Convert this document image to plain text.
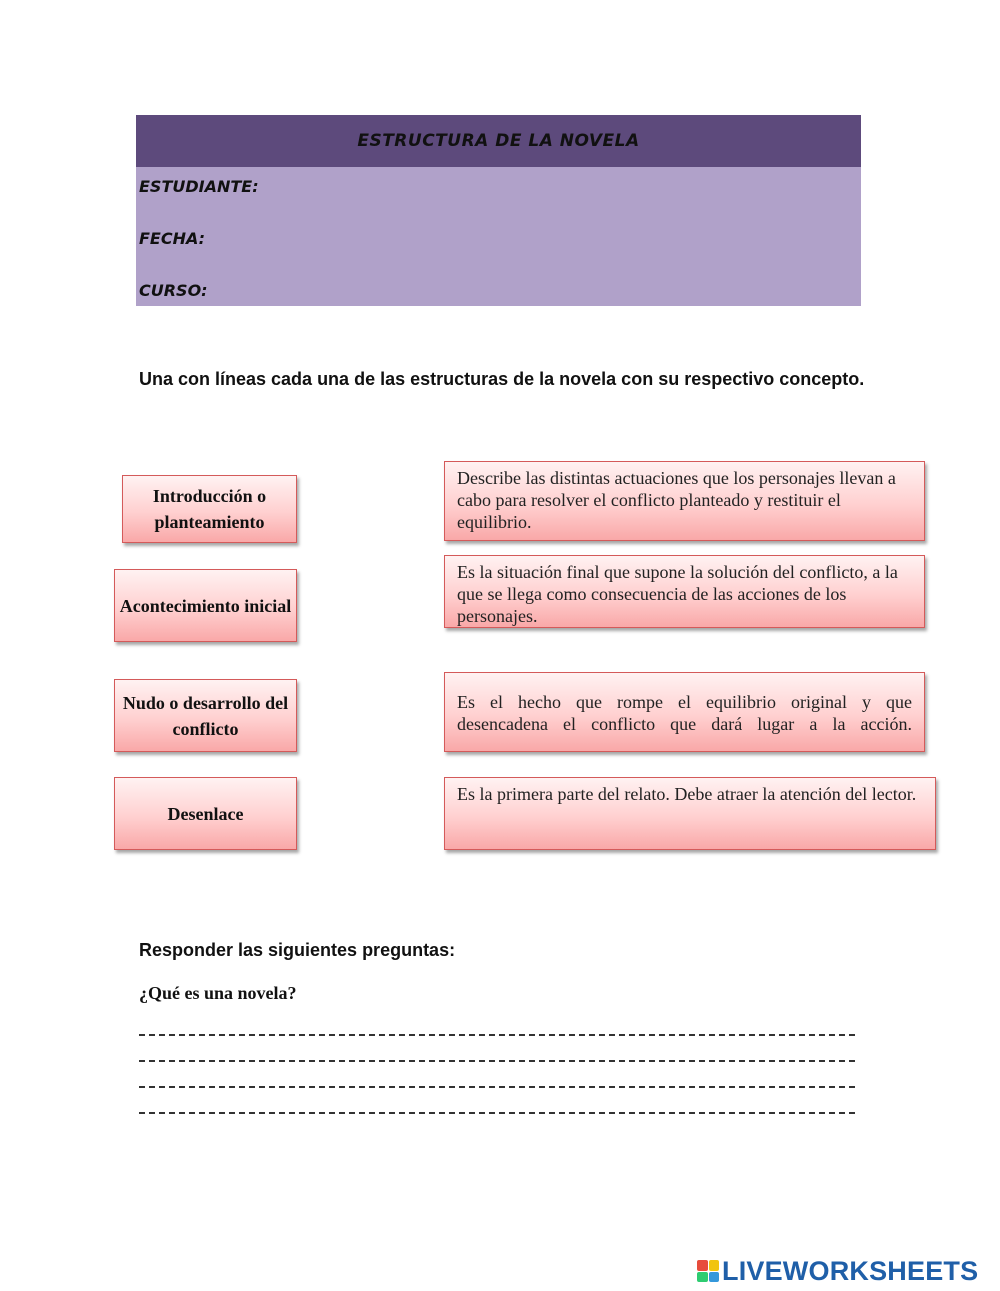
ESTRUCTURA DE LA NOVELA
ESTUDIANTE:
FECHA:
CURSO:
Una con líneas cada una de las estructuras de la novela con su respectivo concepto.
Introducción o planteamiento
Acontecimiento inicial
Nudo o desarrollo del conflicto
Desenlace
Describe las distintas actuaciones que los personajes llevan a cabo para resolver el conflicto planteado y restituir el equilibrio.
Es la situación final que supone la solución del conflicto, a la que se llega como consecuencia de las acciones de los personajes.
Es el hecho que rompe el equilibrio original y que desencadena el conflicto que dará lugar a la acción.
Es la primera parte del relato. Debe atraer la atención del lector.
Responder las siguientes preguntas:
¿Qué es una novela?
LIVEWORKSHEETS
